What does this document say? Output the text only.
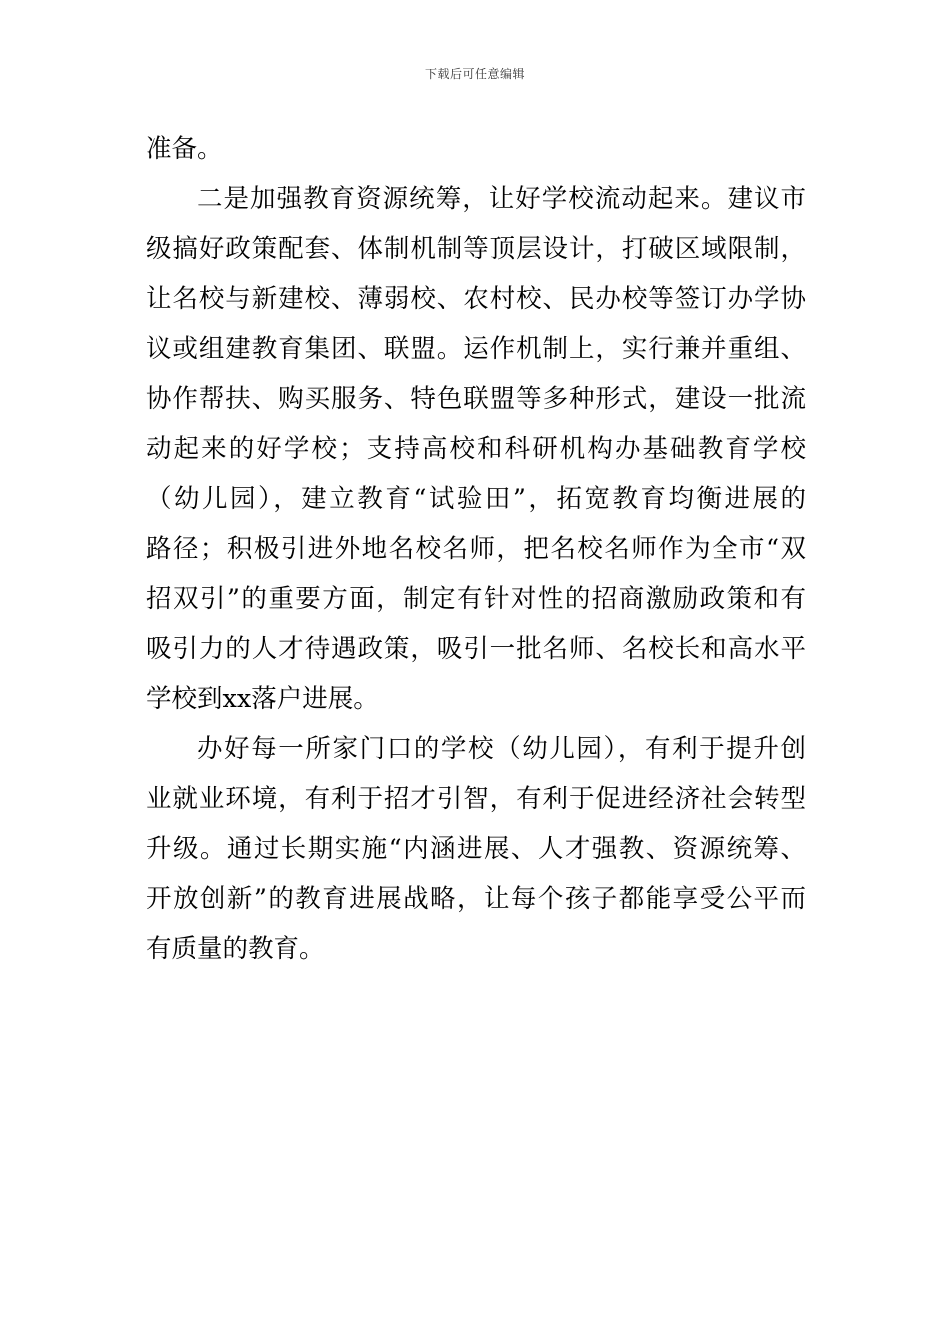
下载后可任意编辑
准备。
二是加强教育资源统筹，让好学校流动起来。建议市
级搞好政策配套、体制机制等顶层设计，打破区域限制，
让名校与新建校、薄弱校、农村校、民办校等签订办学协
议或组建教育集团、联盟。运作机制上，实行兼并重组、
协作帮扶、购买服务、特色联盟等多种形式，建设一批流
动起来的好学校；支持高校和科研机构办基础教育学校
（幼儿园），建立教育“试验田”，拓宽教育均衡进展的
路径；积极引进外地名校名师，把名校名师作为全市“双
招双引”的重要方面，制定有针对性的招商激励政策和有
吸引力的人才待遇政策，吸引一批名师、名校长和高水平
学校到xx落户进展。
办好每一所家门口的学校（幼儿园），有利于提升创
业就业环境，有利于招才引智，有利于促进经济社会转型
升级。通过长期实施“内涵进展、人才强教、资源统筹、
开放创新”的教育进展战略，让每个孩子都能享受公平而
有质量的教育。
